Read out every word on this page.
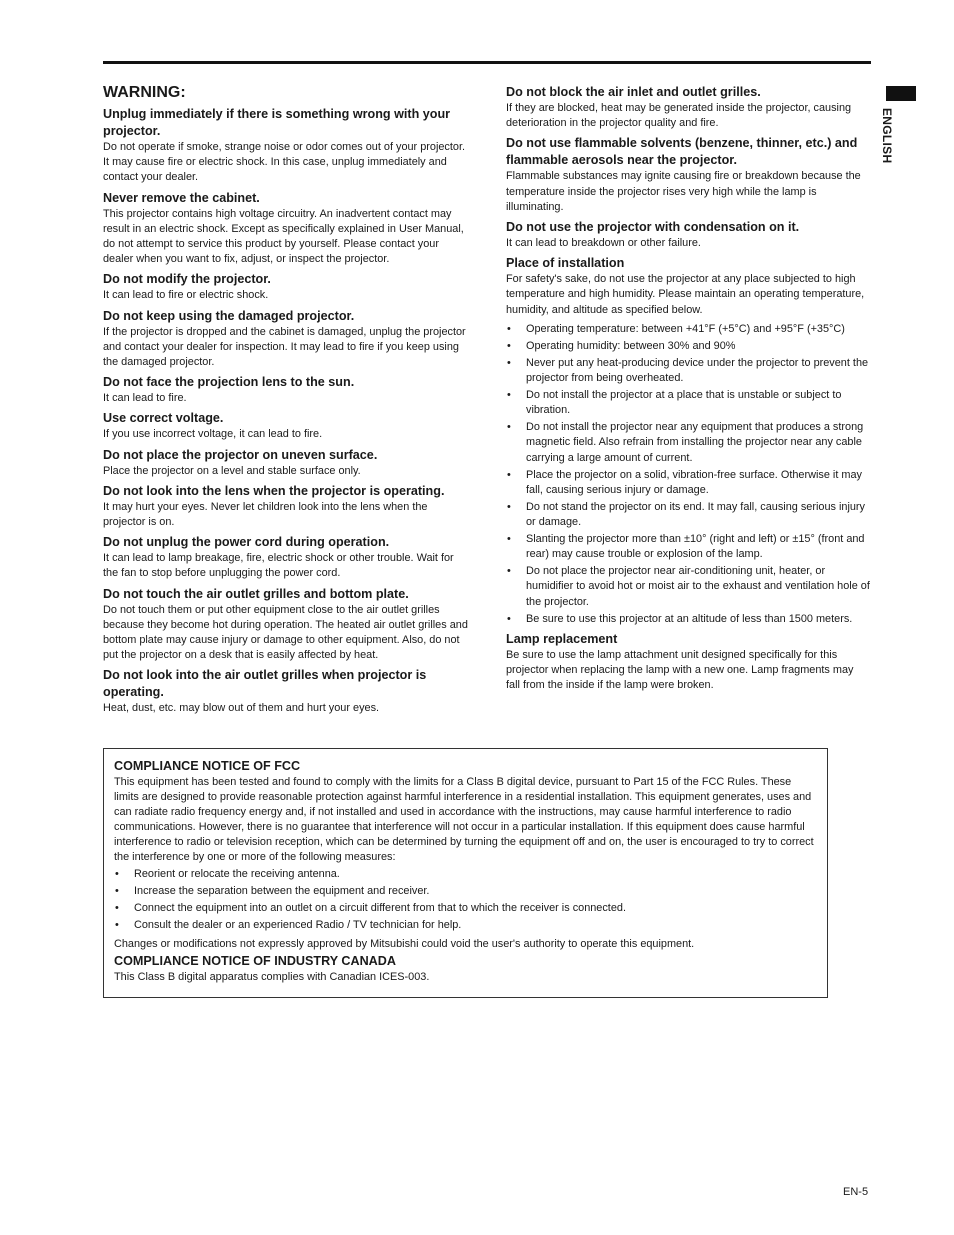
ENGLISH
WARNING:
Unplug immediately if there is something wrong with your projector.
Do not operate if smoke, strange noise or odor comes out of your projector. It may cause fire or electric shock. In this case, unplug immediately and contact your dealer.
Never remove the cabinet.
This projector contains high voltage circuitry. An inadvertent contact may result in an electric shock. Except as specifically explained in User Manual, do not attempt to service this product by yourself. Please contact your dealer when you want to fix, adjust, or inspect the projector.
Do not modify the projector.
It can lead to fire or electric shock.
Do not keep using the damaged projector.
If the projector is dropped and the cabinet is damaged, unplug the projector and contact your dealer for inspection. It may lead to fire if you keep using the damaged projector.
Do not face the projection lens to the sun.
It can lead to fire.
Use correct voltage.
If you use incorrect voltage, it can lead to fire.
Do not place the projector on uneven surface.
Place the projector on a level and stable surface only.
Do not look into the lens when the projector is operating.
It may hurt your eyes. Never let children look into the lens when the projector is on.
Do not unplug the power cord during operation.
It can lead to lamp breakage, fire, electric shock or other trouble. Wait for the fan to stop before unplugging the power cord.
Do not touch the air outlet grilles and bottom plate.
Do not touch them or put other equipment close to the air outlet grilles because they become hot during operation. The heated air outlet grilles and bottom plate may cause injury or damage to other equipment. Also, do not put the projector on a desk that is easily affected by heat.
Do not look into the air outlet grilles when projector is operating.
Heat, dust, etc. may blow out of them and hurt your eyes.
Do not block the air inlet and outlet grilles.
If they are blocked, heat may be generated inside the projector, causing deterioration in the projector quality and fire.
Do not use flammable solvents (benzene, thinner, etc.) and flammable aerosols near the projector.
Flammable substances may ignite causing fire or breakdown because the temperature inside the projector rises very high while the lamp is illuminating.
Do not use the projector with condensation on it.
It can lead to breakdown or other failure.
Place of installation
For safety's sake, do not use the projector at any place subjected to high temperature and high humidity. Please maintain an operating temperature, humidity, and altitude as specified below.
• Operating temperature: between +41°F (+5°C) and +95°F (+35°C)
• Operating humidity: between 30% and 90%
• Never put any heat-producing device under the projector to prevent the projector from being overheated.
• Do not install the projector at a place that is unstable or subject to vibration.
• Do not install the projector near any equipment that produces a strong magnetic field. Also refrain from installing the projector near any cable carrying a large amount of current.
• Place the projector on a solid, vibration-free surface. Otherwise it may fall, causing serious injury or damage.
• Do not stand the projector on its end. It may fall, causing serious injury or damage.
• Slanting the projector more than ±10° (right and left) or ±15° (front and rear) may cause trouble or explosion of the lamp.
• Do not place the projector near air-conditioning unit, heater, or humidifier to avoid hot or moist air to the exhaust and ventilation hole of the projector.
• Be sure to use this projector at an altitude of less than 1500 meters.
Lamp replacement
Be sure to use the lamp attachment unit designed specifically for this projector when replacing the lamp with a new one. Lamp fragments may fall from the inside if the lamp were broken.
COMPLIANCE NOTICE OF FCC
This equipment has been tested and found to comply with the limits for a Class B digital device, pursuant to Part 15 of the FCC Rules. These limits are designed to provide reasonable protection against harmful interference in a residential installation. This equipment generates, uses and can radiate radio frequency energy and, if not installed and used in accordance with the instructions, may cause harmful interference to radio communications. However, there is no guarantee that interference will not occur in a particular installation. If this equipment does cause harmful interference to radio or television reception, which can be determined by turning the equipment off and on, the user is encouraged to try to correct the interference by one or more of the following measures:
• Reorient or relocate the receiving antenna.
• Increase the separation between the equipment and receiver.
• Connect the equipment into an outlet on a circuit different from that to which the receiver is connected.
• Consult the dealer or an experienced Radio / TV technician for help.
Changes or modifications not expressly approved by Mitsubishi could void the user's authority to operate this equipment.
COMPLIANCE NOTICE OF INDUSTRY CANADA
This Class B digital apparatus complies with Canadian ICES-003.
EN-5
